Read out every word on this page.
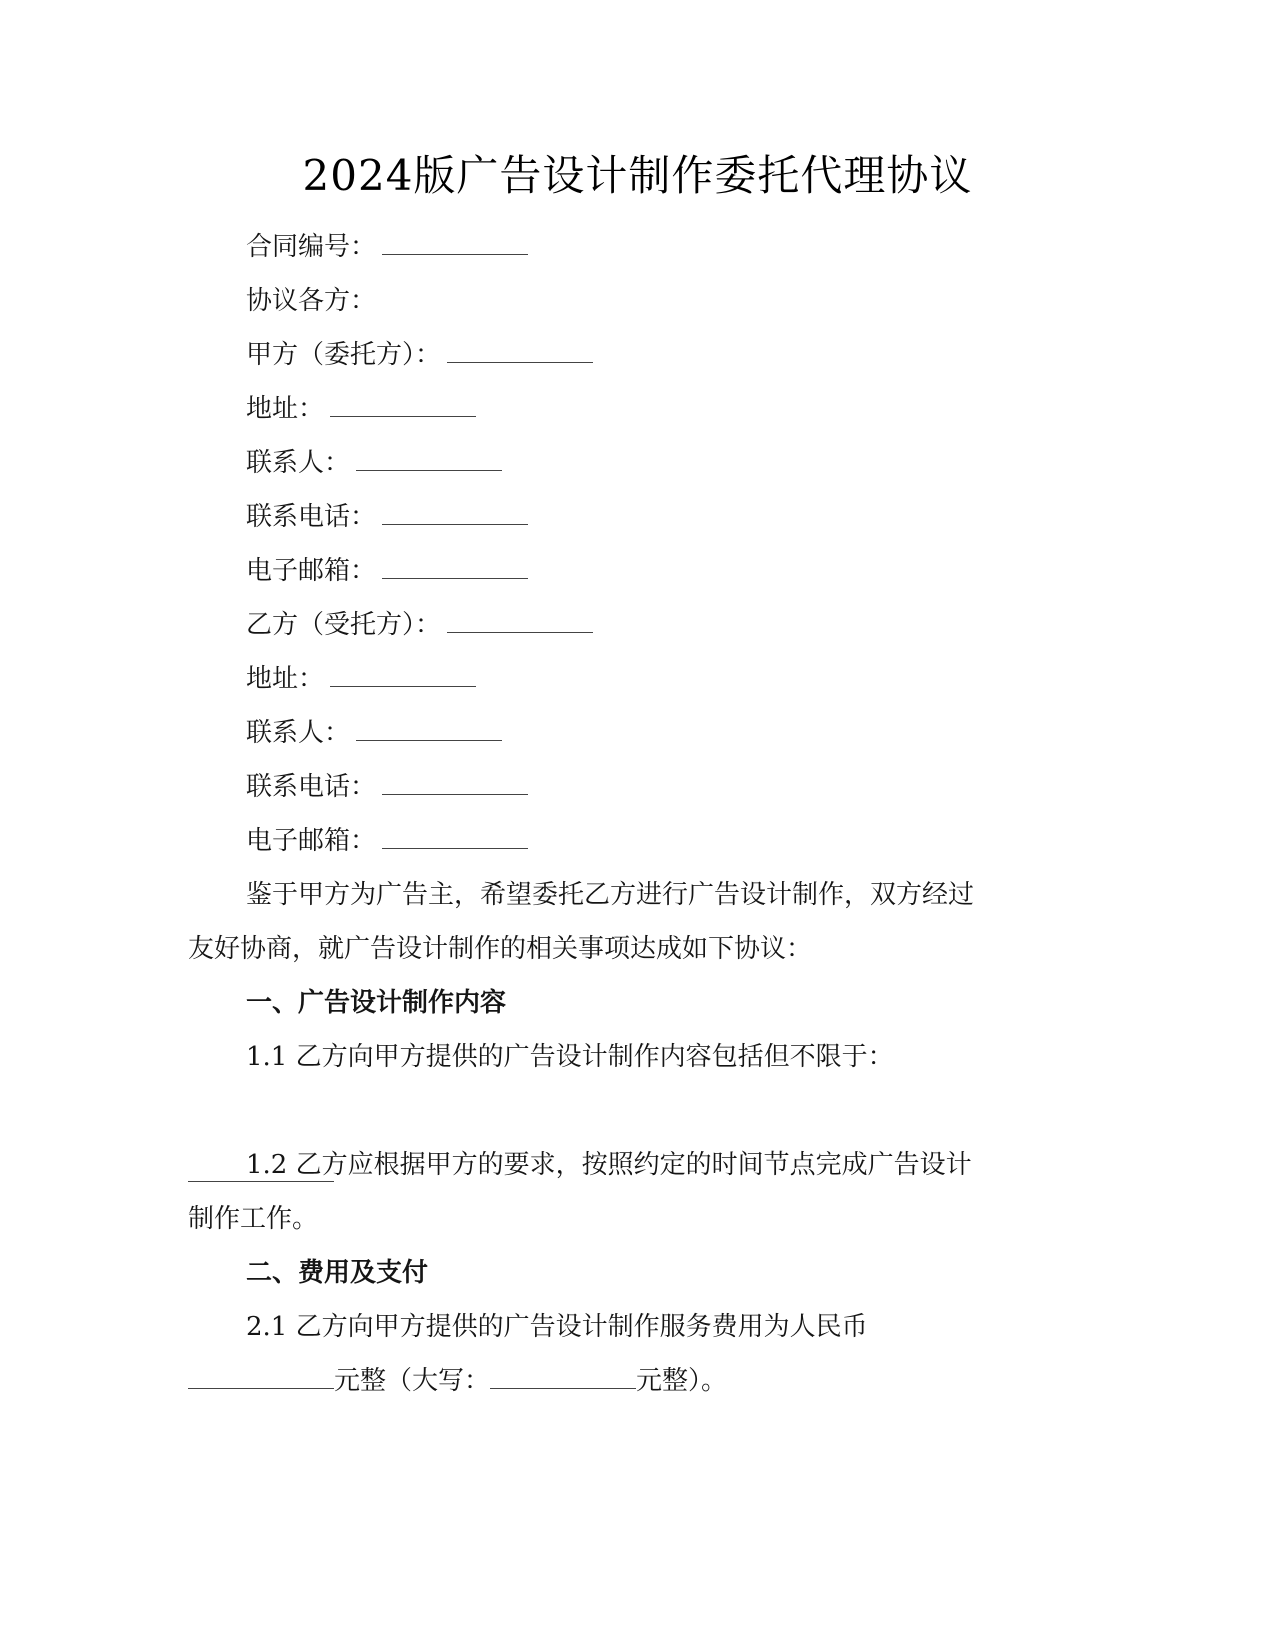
2024版广告设计制作委托代理协议
合同编号：
协议各方：
甲方（委托方）：
地址：
联系人：
联系电话：
电子邮箱：
乙方（受托方）：
地址：
联系人：
联系电话：
电子邮箱：
鉴于甲方为广告主，希望委托乙方进行广告设计制作，双方经过
友好协商，就广告设计制作的相关事项达成如下协议：
一、广告设计制作内容
1.1 乙方向甲方提供的广告设计制作内容包括但不限于：
1.2 乙方应根据甲方的要求，按照约定的时间节点完成广告设计
制作工作。
二、费用及支付
2.1 乙方向甲方提供的广告设计制作服务费用为人民币
元整（大写：	元整）。
